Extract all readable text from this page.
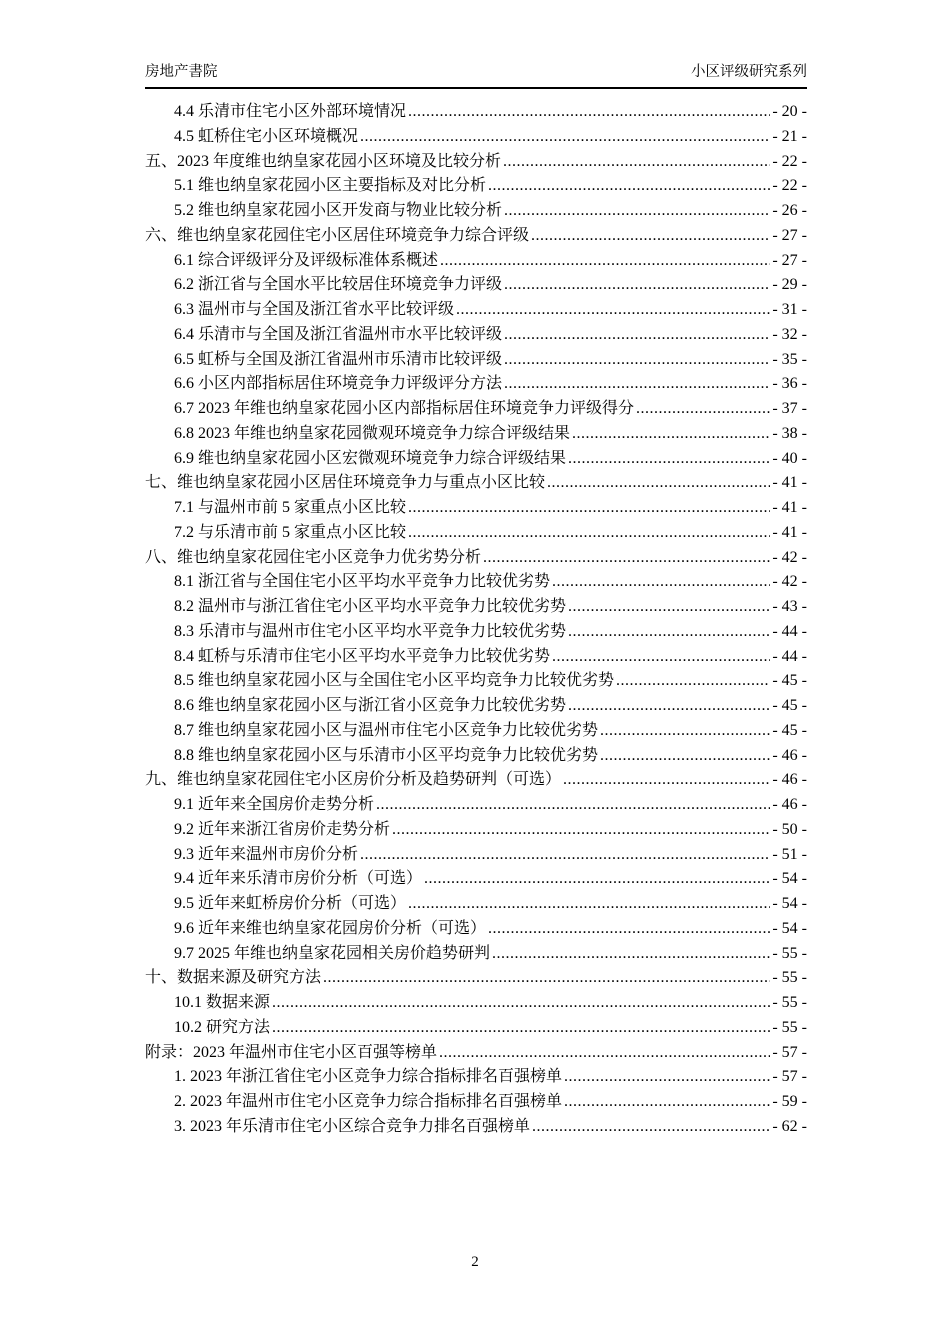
房地产書院	小区评级研究系列
4.4 乐清市住宅小区外部环境情况 .....	- 20 -
4.5 虹桥住宅小区环境概况 .....	- 21 -
五、2023 年度维也纳皇家花园小区环境及比较分析 .....	- 22 -
5.1 维也纳皇家花园小区主要指标及对比分析 .....	- 22 -
5.2 维也纳皇家花园小区开发商与物业比较分析 .....	- 26 -
六、维也纳皇家花园住宅小区居住环境竞争力综合评级 .....	- 27 -
6.1 综合评级评分及评级标准体系概述 .....	- 27 -
6.2 浙江省与全国水平比较居住环境竞争力评级 .....	- 29 -
6.3 温州市与全国及浙江省水平比较评级 .....	- 31 -
6.4 乐清市与全国及浙江省温州市水平比较评级 .....	- 32 -
6.5 虹桥与全国及浙江省温州市乐清市比较评级 .....	- 35 -
6.6 小区内部指标居住环境竞争力评级评分方法 .....	- 36 -
6.7 2023 年维也纳皇家花园小区内部指标居住环境竞争力评级得分 .....	- 37 -
6.8 2023 年维也纳皇家花园微观环境竞争力综合评级结果 .....	- 38 -
6.9 维也纳皇家花园小区宏微观环境竞争力综合评级结果 .....	- 40 -
七、维也纳皇家花园小区居住环境竞争力与重点小区比较 .....	- 41 -
7.1 与温州市前 5 家重点小区比较 .....	- 41 -
7.2 与乐清市前 5 家重点小区比较 .....	- 41 -
八、维也纳皇家花园住宅小区竞争力优劣势分析 .....	- 42 -
8.1 浙江省与全国住宅小区平均水平竞争力比较优劣势 .....	- 42 -
8.2 温州市与浙江省住宅小区平均水平竞争力比较优劣势 .....	- 43 -
8.3 乐清市与温州市住宅小区平均水平竞争力比较优劣势 .....	- 44 -
8.4 虹桥与乐清市住宅小区平均水平竞争力比较优劣势 .....	- 44 -
8.5 维也纳皇家花园小区与全国住宅小区平均竞争力比较优劣势 .....	- 45 -
8.6 维也纳皇家花园小区与浙江省小区竞争力比较优劣势 .....	- 45 -
8.7 维也纳皇家花园小区与温州市住宅小区竞争力比较优劣势 .....	- 45 -
8.8 维也纳皇家花园小区与乐清市小区平均竞争力比较优劣势 .....	- 46 -
九、维也纳皇家花园住宅小区房价分析及趋势研判（可选） .....	- 46 -
9.1 近年来全国房价走势分析 .....	- 46 -
9.2 近年来浙江省房价走势分析 .....	- 50 -
9.3 近年来温州市房价分析 .....	- 51 -
9.4 近年来乐清市房价分析（可选） .....	- 54 -
9.5 近年来虹桥房价分析（可选） .....	- 54 -
9.6 近年来维也纳皇家花园房价分析（可选） .....	- 54 -
9.7 2025 年维也纳皇家花园相关房价趋势研判 .....	- 55 -
十、数据来源及研究方法 .....	- 55 -
10.1 数据来源 .....	- 55 -
10.2 研究方法 .....	- 55 -
附录：2023 年温州市住宅小区百强等榜单 .....	- 57 -
1. 2023 年浙江省住宅小区竞争力综合指标排名百强榜单 .....	- 57 -
2. 2023 年温州市住宅小区竞争力综合指标排名百强榜单 .....	- 59 -
3. 2023 年乐清市住宅小区综合竞争力排名百强榜单 .....	- 62 -
2
